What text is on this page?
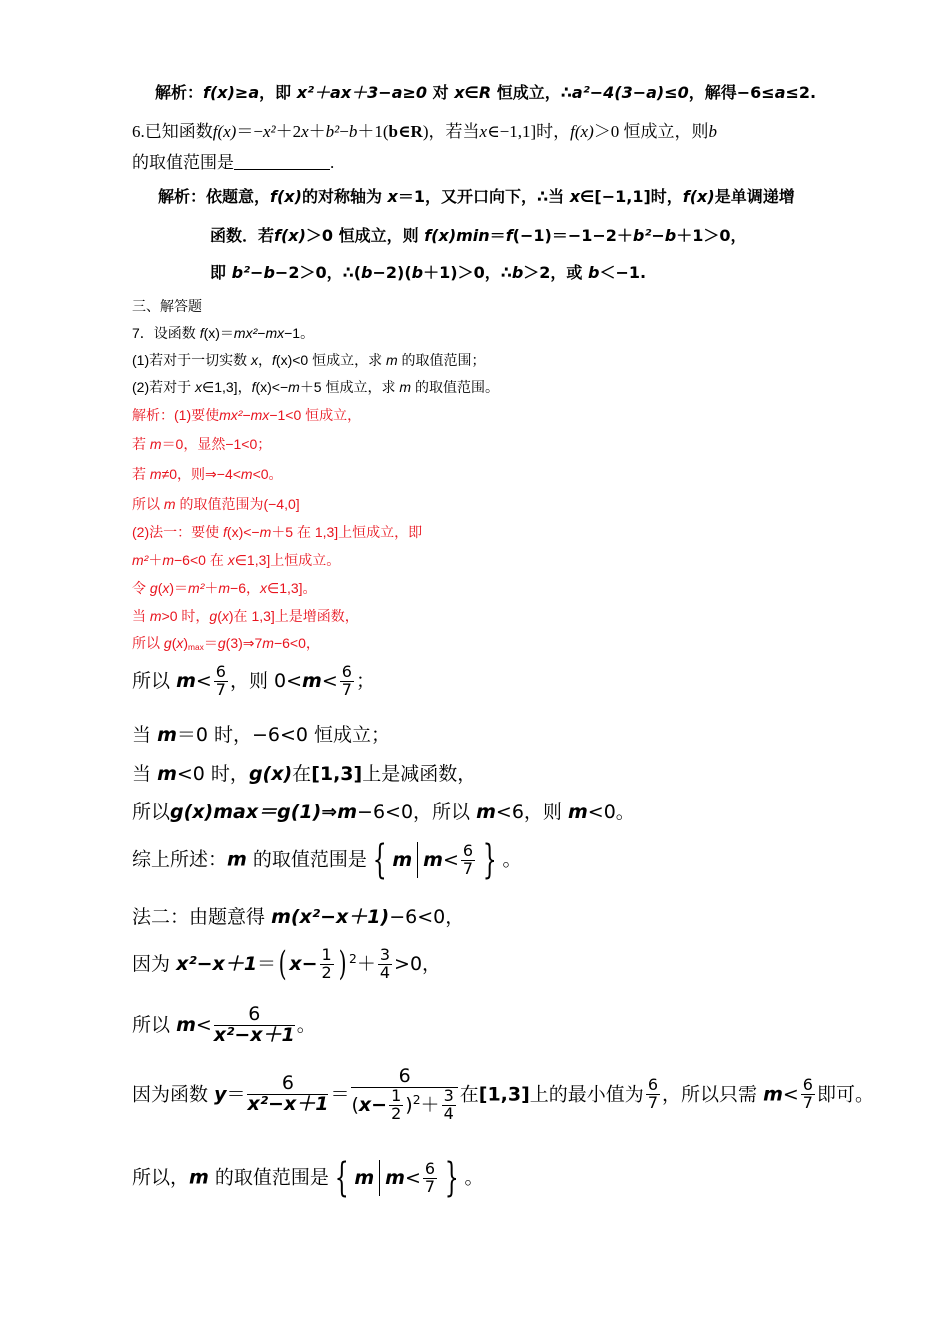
解析：f(x)≥a，即 x²＋ax＋3−a≥0 对 x∈R 恒成立，∴a²−4(3−a)≤0，解得−6≤a≤2.
6.已知函数f(x)＝−x²＋2x＋b²−b＋1(b∈R)，若当x∈−1,1]时，f(x)＞0 恒成立，则b
的取值范围是	.
解析：依题意，f(x)的对称轴为 x＝1，又开口向下，∴当 x∈[−1,1]时，f(x)是单调递增
函数．若f(x)＞0 恒成立，则 f(x)min＝f(−1)＝−1−2＋b²−b＋1＞0，
即 b²−b−2＞0，∴(b−2)(b＋1)＞0，∴b＞2，或 b＜−1.
三、解答题
7．设函数 f(x)＝mx²−mx−1。
(1)若对于一切实数 x，f(x)<0 恒成立，求 m 的取值范围；
(2)若对于 x∈1,3]，f(x)<−m＋5 恒成立，求 m 的取值范围。
解析：(1)要使mx²−mx−1<0 恒成立，
若 m＝0，显然−1<0；
若 m≠0，则⇒−4<m<0。
所以 m 的取值范围为(−4,0]
(2)法一：要使 f(x)<−m＋5 在 1,3]上恒成立，即
m²＋m−6<0 在 x∈1,3]上恒成立。
令 g(x)＝m²＋m−6，x∈1,3]。
当 m>0 时，g(x)在 1,3]上是增函数，
所以 $g(x)_{max}=g(3)\Rightarrow 7m-6<0$，
所以 $m< \frac{6}{7}$ ，则 $0<m< \frac{6}{7}$ ；
当 m＝0 时，−6<0 恒成立；
当 m<0 时，g(x)在[1,3]上是减函数，
所以g(x)max＝g(1)⇒m−6<0，所以 m<6，则 m<0。
综上所述：m 的取值范围是 { m $m < \frac{6}{7}$ } 。
法二：由题意得 m(x²−x＋1)−6<0，
因为 x²−x＋1＝( $x- \frac{1}{2}$ ) $^2+ \frac{3}{4} >0$，
所以 $m< \frac{6}{\text{x²−x＋1}}$ 。
因为函数 $y= \frac{6}{\text{x²−x＋1}} = \frac{6}{(x- \frac{1}{2} )^2+ \frac{3}{4}}$ 在[1,3]上的最小值为 $\frac{6}{7}$ ，所以只需 $m< \frac{6}{7}$ 即可。
所以，m 的取值范围是 { m $m < \frac{6}{7}$ } 。
